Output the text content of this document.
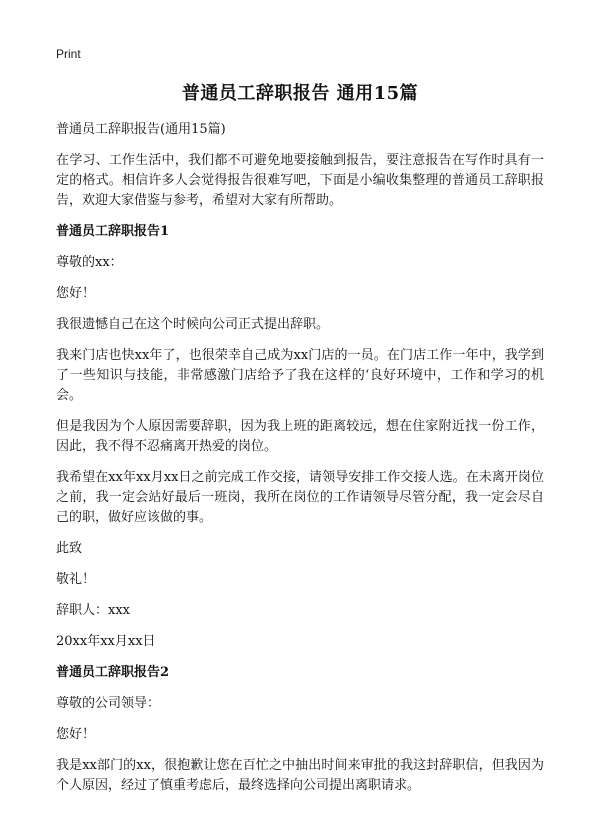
Print
普通员工辞职报告 通用15篇

普通员工辞职报告(通用15篇)

在学习、工作生活中，我们都不可避免地要接触到报告，要注意报告在写作时具有一定的格式。相信许多人会觉得报告很难写吧，下面是小编收集整理的普通员工辞职报告，欢迎大家借鉴与参考，希望对大家有所帮助。

普通员工辞职报告1

尊敬的xx：

您好！

我很遗憾自己在这个时候向公司正式提出辞职。

我来门店也快xx年了，也很荣幸自己成为xx门店的一员。在门店工作一年中，我学到了一些知识与技能，非常感激门店给予了我在这样的‘良好环境中，工作和学习的机会。

但是我因为个人原因需要辞职，因为我上班的距离较远，想在住家附近找一份工作，因此，我不得不忍痛离开热爱的岗位。

我希望在xx年xx月xx日之前完成工作交接，请领导安排工作交接人选。在未离开岗位之前，我一定会站好最后一班岗，我所在岗位的工作请领导尽管分配，我一定会尽自己的职，做好应该做的事。

此致

敬礼！

辞职人：xxx

20xx年xx月xx日

普通员工辞职报告2

尊敬的公司领导：

您好！

我是xx部门的xx，很抱歉让您在百忙之中抽出时间来审批的我这封辞职信，但我因为个人原因，经过了慎重考虑后，最终选择向公司提出离职请求。
